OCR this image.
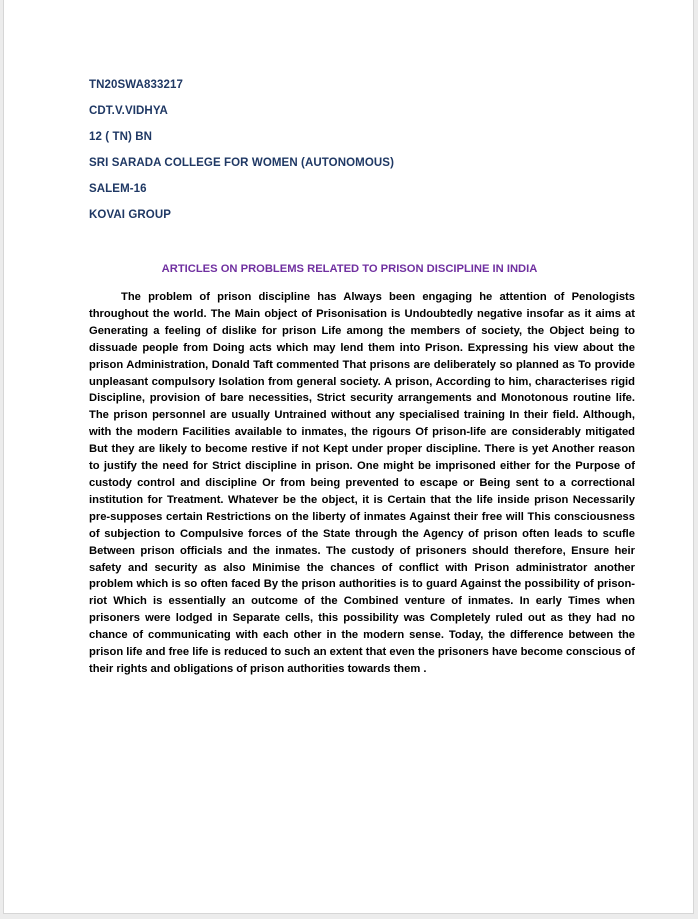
TN20SWA833217
CDT.V.VIDHYA
12 ( TN) BN
SRI SARADA COLLEGE FOR WOMEN (AUTONOMOUS)
SALEM-16
KOVAI GROUP
ARTICLES ON PROBLEMS RELATED TO PRISON DISCIPLINE IN INDIA

The problem of prison discipline has Always been engaging he attention of Penologists throughout the world. The Main object of Prisonisation is Undoubtedly negative insofar as it aims at Generating a feeling of dislike for prison Life among the members of society, the Object being to dissuade people from Doing acts which may lend them into Prison. Expressing his view about the prison Administration, Donald Taft commented That prisons are deliberately so planned as To provide unpleasant compulsory Isolation from general society. A prison, According to him, characterises rigid Discipline, provision of bare necessities, Strict security arrangements and Monotonous routine life. The prison personnel are usually Untrained without any specialised training In their field. Although, with the modern Facilities available to inmates, the rigours Of prison-life are considerably mitigated But they are likely to become restive if not Kept under proper discipline. There is yet Another reason to justify the need for Strict discipline in prison. One might be imprisoned either for the Purpose of custody control and discipline Or from being prevented to escape or Being sent to a correctional institution for Treatment. Whatever be the object, it is Certain that the life inside prison Necessarily pre-supposes certain Restrictions on the liberty of inmates Against their free will This consciousness of subjection to Compulsive forces of the State through the Agency of prison often leads to scufle Between prison officials and the inmates. The custody of prisoners should therefore, Ensure heir safety and security as also Minimise the chances of conflict with Prison administrator another problem which is so often faced By the prison authorities is to guard Against the possibility of prison-riot Which is essentially an outcome of the Combined venture of inmates. In early Times when prisoners were lodged in Separate cells, this possibility was Completely ruled out as they had no chance of communicating with each other in the modern sense. Today, the difference between the prison life and free life is reduced to such an extent that even the prisoners have become conscious of their rights and obligations of prison authorities towards them .
